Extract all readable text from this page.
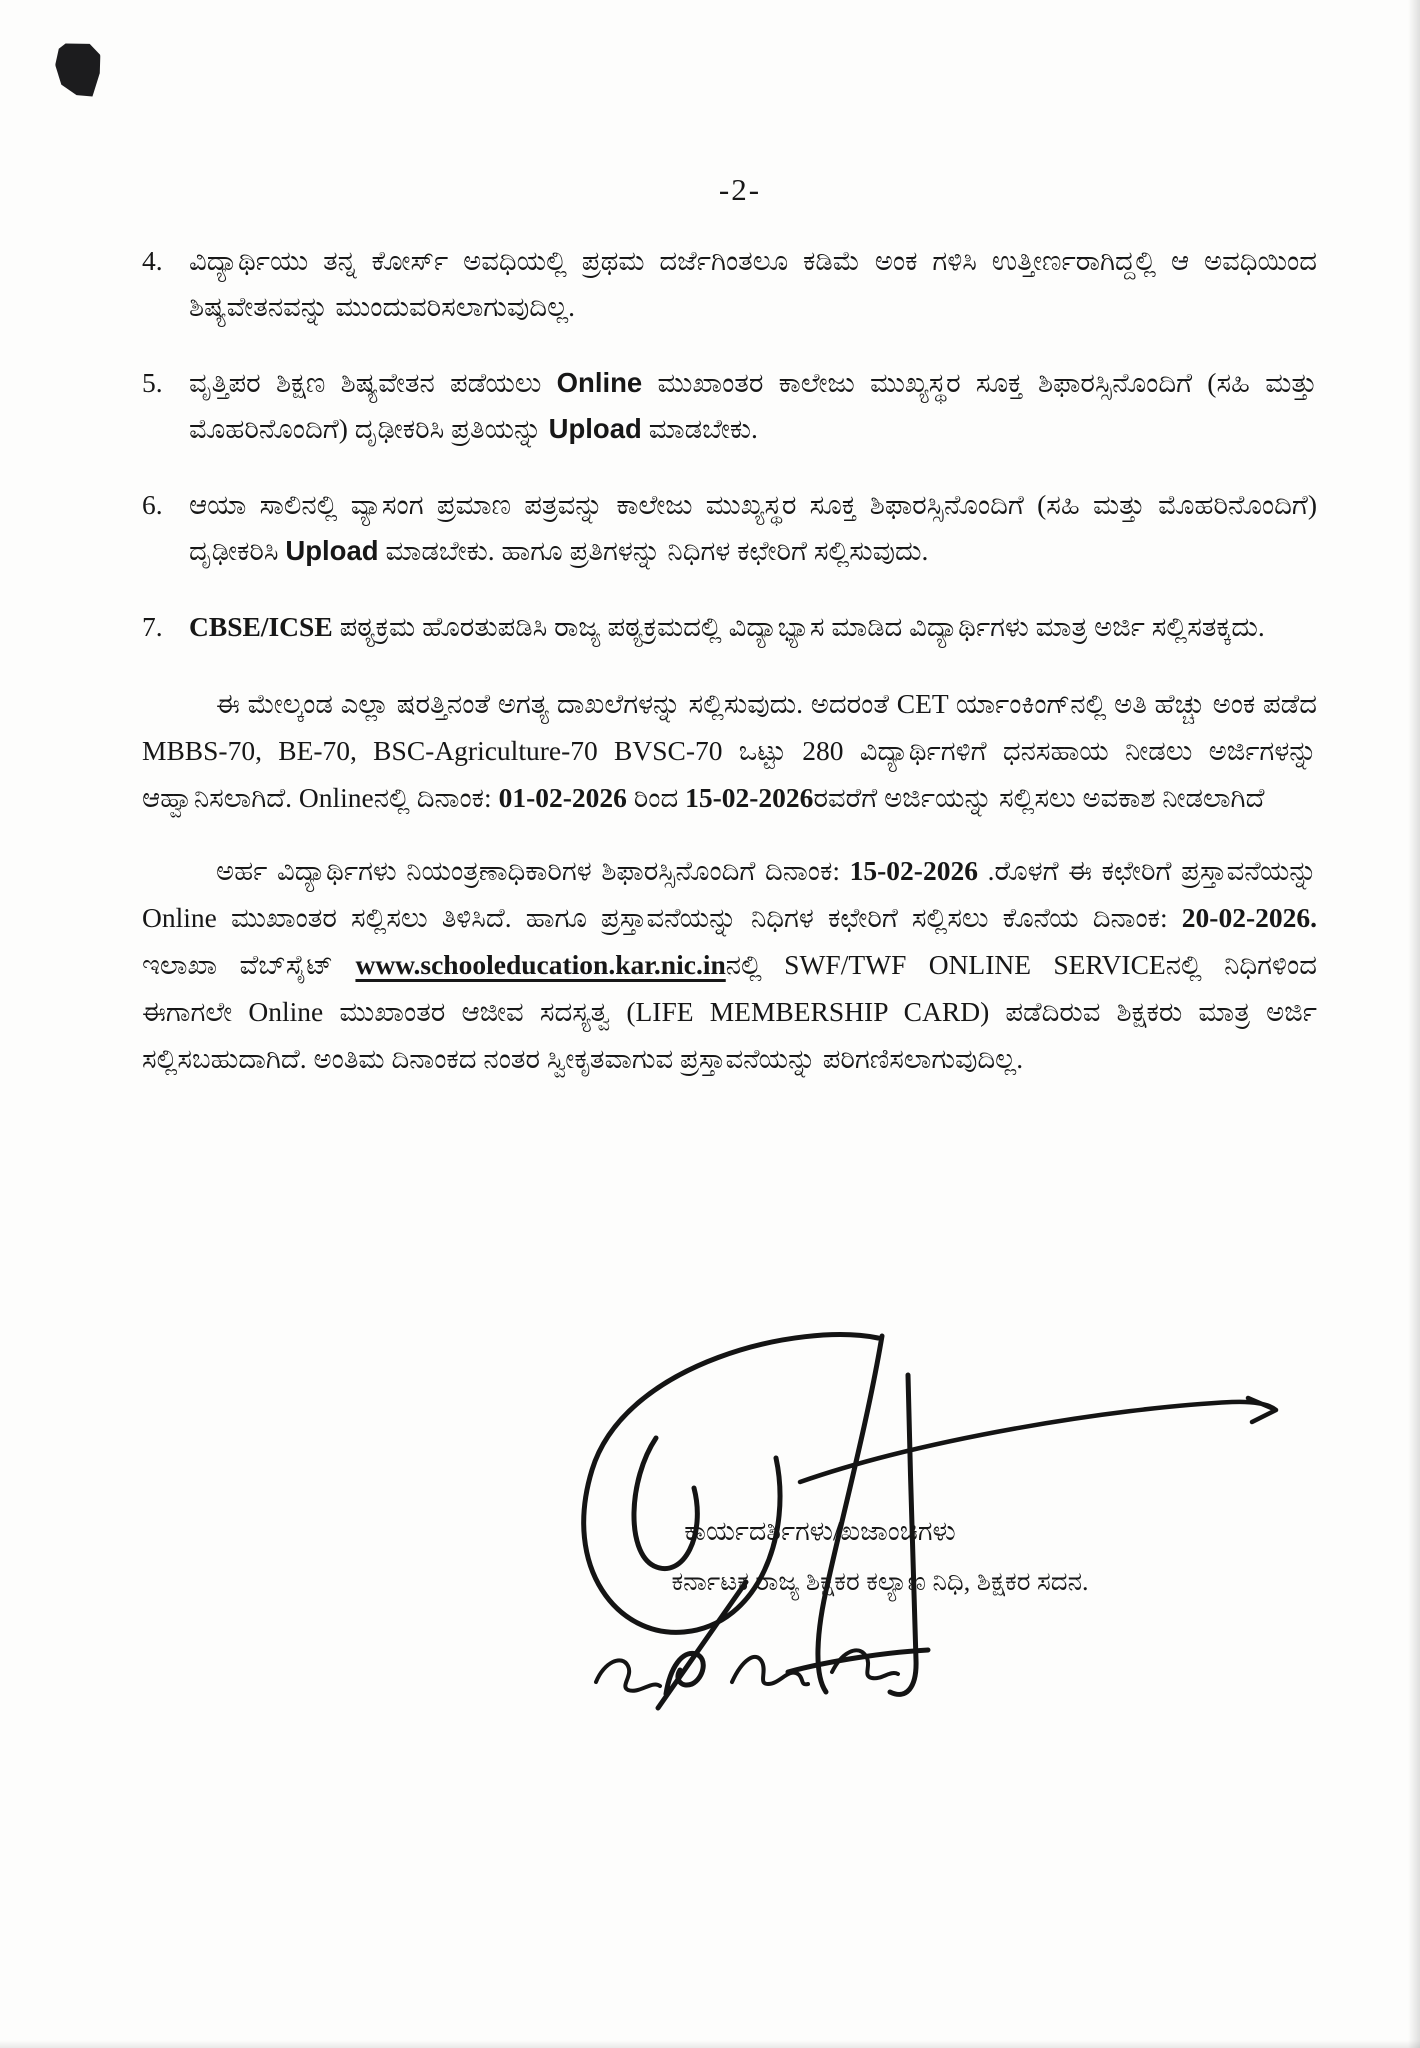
-2-
4. ವಿದ್ಯಾರ್ಥಿಯು ತನ್ನ ಕೋರ್ಸ್ ಅವಧಿಯಲ್ಲಿ ಪ್ರಥಮ ದರ್ಜೆಗಿಂತಲೂ ಕಡಿಮೆ ಅಂಕ ಗಳಿಸಿ ಉತ್ತೀರ್ಣರಾಗಿದ್ದಲ್ಲಿ ಆ ಅವಧಿಯಿಂದ ಶಿಷ್ಯವೇತನವನ್ನು ಮುಂದುವರಿಸಲಾಗುವುದಿಲ್ಲ.
5. ವೃತ್ತಿಪರ ಶಿಕ್ಷಣ ಶಿಷ್ಯವೇತನ ಪಡೆಯಲು Online ಮುಖಾಂತರ ಕಾಲೇಜು ಮುಖ್ಯಸ್ಥರ ಸೂಕ್ತ ಶಿಫಾರಸ್ಸಿನೊಂದಿಗೆ (ಸಹಿ ಮತ್ತು ಮೊಹರಿನೊಂದಿಗೆ) ದೃಢೀಕರಿಸಿ ಪ್ರತಿಯನ್ನು Upload ಮಾಡಬೇಕು.
6. ಆಯಾ ಸಾಲಿನಲ್ಲಿ ವ್ಯಾಸಂಗ ಪ್ರಮಾಣ ಪತ್ರವನ್ನು ಕಾಲೇಜು ಮುಖ್ಯಸ್ಥರ ಸೂಕ್ತ ಶಿಫಾರಸ್ಸಿನೊಂದಿಗೆ (ಸಹಿ ಮತ್ತು ಮೊಹರಿನೊಂದಿಗೆ) ದೃಢೀಕರಿಸಿ Upload ಮಾಡಬೇಕು. ಹಾಗೂ ಪ್ರತಿಗಳನ್ನು ನಿಧಿಗಳ ಕಛೇರಿಗೆ ಸಲ್ಲಿಸುವುದು.
7. CBSE/ICSE ಪಠ್ಯಕ್ರಮ ಹೊರತುಪಡಿಸಿ ರಾಜ್ಯ ಪಠ್ಯಕ್ರಮದಲ್ಲಿ ವಿದ್ಯಾಭ್ಯಾಸ ಮಾಡಿದ ವಿದ್ಯಾರ್ಥಿಗಳು ಮಾತ್ರ ಅರ್ಜಿ ಸಲ್ಲಿಸತಕ್ಕದು.

ಈ ಮೇಲ್ಕಂಡ ಎಲ್ಲಾ ಷರತ್ತಿನಂತೆ ಅಗತ್ಯ ದಾಖಲೆಗಳನ್ನು ಸಲ್ಲಿಸುವುದು. ಅದರಂತೆ CET ರ್ಯಾಂಕಿಂಗ್‌ನಲ್ಲಿ ಅತಿ ಹೆಚ್ಚು ಅಂಕ ಪಡೆದ MBBS-70, BE-70, BSC-Agriculture-70 BVSC-70 ಒಟ್ಟು 280 ವಿದ್ಯಾರ್ಥಿಗಳಿಗೆ ಧನಸಹಾಯ ನೀಡಲು ಅರ್ಜಿಗಳನ್ನು ಆಹ್ವಾನಿಸಲಾಗಿದೆ. Onlineನಲ್ಲಿ ದಿನಾಂಕ: 01-02-2026 ರಿಂದ 15-02-2026ರವರೆಗೆ ಅರ್ಜಿಯನ್ನು ಸಲ್ಲಿಸಲು ಅವಕಾಶ ನೀಡಲಾಗಿದೆ

ಅರ್ಹ ವಿದ್ಯಾರ್ಥಿಗಳು ನಿಯಂತ್ರಣಾಧಿಕಾರಿಗಳ ಶಿಫಾರಸ್ಸಿನೊಂದಿಗೆ ದಿನಾಂಕ: 15-02-2026 .ರೊಳಗೆ ಈ ಕಛೇರಿಗೆ ಪ್ರಸ್ತಾವನೆಯನ್ನು Online ಮುಖಾಂತರ ಸಲ್ಲಿಸಲು ತಿಳಿಸಿದೆ. ಹಾಗೂ ಪ್ರಸ್ತಾವನೆಯನ್ನು ನಿಧಿಗಳ ಕಛೇರಿಗೆ ಸಲ್ಲಿಸಲು ಕೊನೆಯ ದಿನಾಂಕ: 20-02-2026. ಇಲಾಖಾ ವೆಬ್‌ಸೈಟ್ www.schooleducation.kar.nic.inನಲ್ಲಿ SWF/TWF ONLINE SERVICEನಲ್ಲಿ ನಿಧಿಗಳಿಂದ ಈಗಾಗಲೇ Online ಮುಖಾಂತರ ಆಜೀವ ಸದಸ್ಯತ್ವ (LIFE MEMBERSHIP CARD) ಪಡೆದಿರುವ ಶಿಕ್ಷಕರು ಮಾತ್ರ ಅರ್ಜಿ ಸಲ್ಲಿಸಬಹುದಾಗಿದೆ. ಅಂತಿಮ ದಿನಾಂಕದ ನಂತರ ಸ್ವೀಕೃತವಾಗುವ ಪ್ರಸ್ತಾವನೆಯನ್ನು ಪರಿಗಣಿಸಲಾಗುವುದಿಲ್ಲ.

ಕಾರ್ಯದರ್ಶಿಗಳು/ಖಜಾಂಚಿಗಳು
ಕರ್ನಾಟಕ ರಾಜ್ಯ ಶಿಕ್ಷಕರ ಕಲ್ಯಾಣ ನಿಧಿ, ಶಿಕ್ಷಕರ ಸದನ.
